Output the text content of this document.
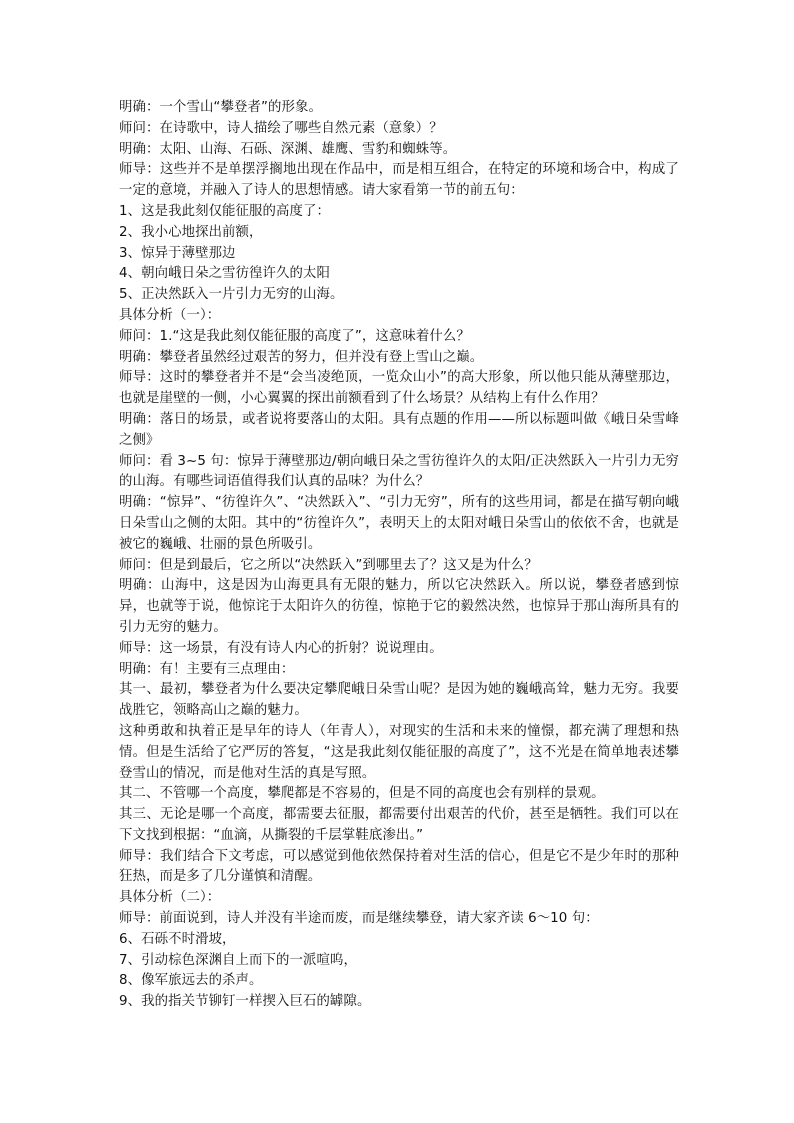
明确：一个雪山“攀登者”的形象。

师问：在诗歌中，诗人描绘了哪些自然元素（意象）？

明确：太阳、山海、石砾、深渊、雄鹰、雪豹和蜘蛛等。

师导：这些并不是单摆浮搁地出现在作品中，而是相互组合，在特定的环境和场合中，构成了一定的意境，并融入了诗人的思想情感。请大家看第一节的前五句：

1、这是我此刻仅能征服的高度了：

2、我小心地探出前额，

3、惊异于薄壁那边

4、朝向峨日朵之雪彷徨许久的太阳

5、正决然跃入一片引力无穷的山海。

具体分析（一）：

师问：1.“这是我此刻仅能征服的高度了”，这意味着什么？

明确：攀登者虽然经过艰苦的努力，但并没有登上雪山之巅。

师导：这时的攀登者并不是“会当凌绝顶，一览众山小”的高大形象，所以他只能从薄壁那边，也就是崖壁的一侧，小心翼翼的探出前额看到了什么场景？从结构上有什么作用？

明确：落日的场景，或者说将要落山的太阳。具有点题的作用——所以标题叫做《峨日朵雪峰之侧》

师问：看 3~5 句：惊异于薄壁那边/朝向峨日朵之雪彷徨许久的太阳/正决然跃入一片引力无穷的山海。有哪些词语值得我们认真的品味？为什么？

明确：“惊异”、“彷徨许久”、“决然跃入”、“引力无穷”，所有的这些用词，都是在描写朝向峨日朵雪山之侧的太阳。其中的“彷徨许久”，表明天上的太阳对峨日朵雪山的依依不舍，也就是被它的巍峨、壮丽的景色所吸引。

师问：但是到最后，它之所以“决然跃入”到哪里去了？这又是为什么？

明确：山海中，这是因为山海更具有无限的魅力，所以它决然跃入。所以说，攀登者感到惊异，也就等于说，他惊诧于太阳许久的彷徨，惊艳于它的毅然决然，也惊异于那山海所具有的引力无穷的魅力。

师导：这一场景，有没有诗人内心的折射？说说理由。

明确：有！主要有三点理由：

其一、最初，攀登者为什么要决定攀爬峨日朵雪山呢？是因为她的巍峨高耸，魅力无穷。我要战胜它，领略高山之巅的魅力。

这种勇敢和执着正是早年的诗人（年青人），对现实的生活和未来的憧憬，都充满了理想和热情。但是生活给了它严厉的答复，“这是我此刻仅能征服的高度了”，这不光是在简单地表述攀登雪山的情况，而是他对生活的真是写照。

其二、不管哪一个高度，攀爬都是不容易的，但是不同的高度也会有别样的景观。

其三、无论是哪一个高度，都需要去征服，都需要付出艰苦的代价，甚至是牺牲。我们可以在下文找到根据：“血滴，从撕裂的千层掌鞋底渗出。”

师导：我们结合下文考虑，可以感觉到他依然保持着对生活的信心，但是它不是少年时的那种狂热，而是多了几分谨慎和清醒。

具体分析（二）：

师导：前面说到，诗人并没有半途而废，而是继续攀登，请大家齐读 6～10 句：

6、石砾不时滑坡，

7、引动棕色深渊自上而下的一派喧呜，

8、像军旅远去的杀声。

9、我的指关节铆钉一样揳入巨石的罅隙。
